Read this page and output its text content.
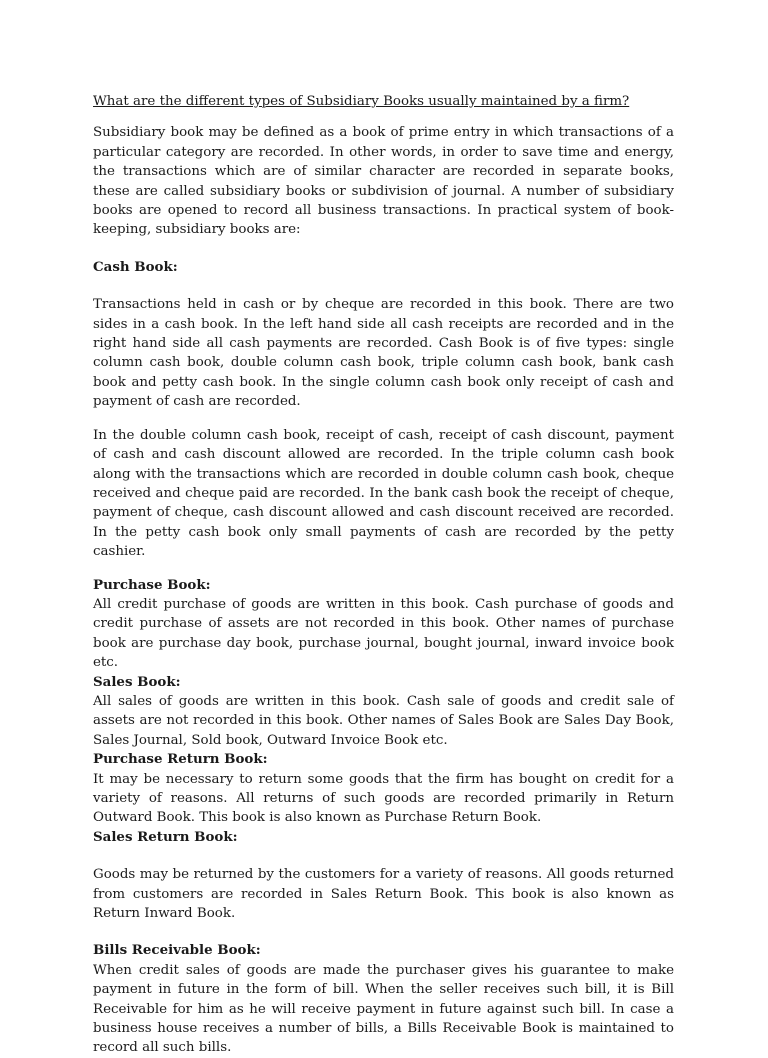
What are the different types of Subsidiary Books usually maintained by a firm?

Subsidiary book may be defined as a book of prime entry in which transactions of a particular category are recorded. In other words, in order to save time and energy, the transactions which are of similar character are recorded in separate books, these are called subsidiary books or subdivision of journal. A number of subsidiary books are opened to record all business transactions. In practical system of book-keeping, subsidiary books are:

Cash Book:

Transactions held in cash or by cheque are recorded in this book. There are two sides in a cash book. In the left hand side all cash receipts are recorded and in the right hand side all cash payments are recorded. Cash Book is of five types: single column cash book, double column cash book, triple column cash book, bank cash book and petty cash book. In the single column cash book only receipt of cash and payment of cash are recorded.

In the double column cash book, receipt of cash, receipt of cash discount, payment of cash and cash discount allowed are recorded. In the triple column cash book along with the transactions which are recorded in double column cash book, cheque received and cheque paid are recorded. In the bank cash book the receipt of cheque, payment of cheque, cash discount allowed and cash discount received are recorded. In the petty cash book only small payments of cash are recorded by the petty cashier.

Purchase Book:

All credit purchase of goods are written in this book. Cash purchase of goods and credit purchase of assets are not recorded in this book. Other names of purchase book are purchase day book, purchase journal, bought journal, inward invoice book etc.

Sales Book:

All sales of goods are written in this book. Cash sale of goods and credit sale of assets are not recorded in this book. Other names of Sales Book are Sales Day Book, Sales Journal, Sold book, Outward Invoice Book etc.

Purchase Return Book:

It may be necessary to return some goods that the firm has bought on credit for a variety of reasons. All returns of such goods are recorded primarily in Return Outward Book. This book is also known as Purchase Return Book.

Sales Return Book:

Goods may be returned by the customers for a variety of reasons. All goods returned from customers are recorded in Sales Return Book. This book is also known as Return Inward Book.

Bills Receivable Book:

When credit sales of goods are made the purchaser gives his guarantee to make payment in future in the form of bill. When the seller receives such bill, it is Bill Receivable for him as he will receive payment in future against such bill. In case a business house receives a number of bills, a Bills Receivable Book is maintained to record all such bills.
